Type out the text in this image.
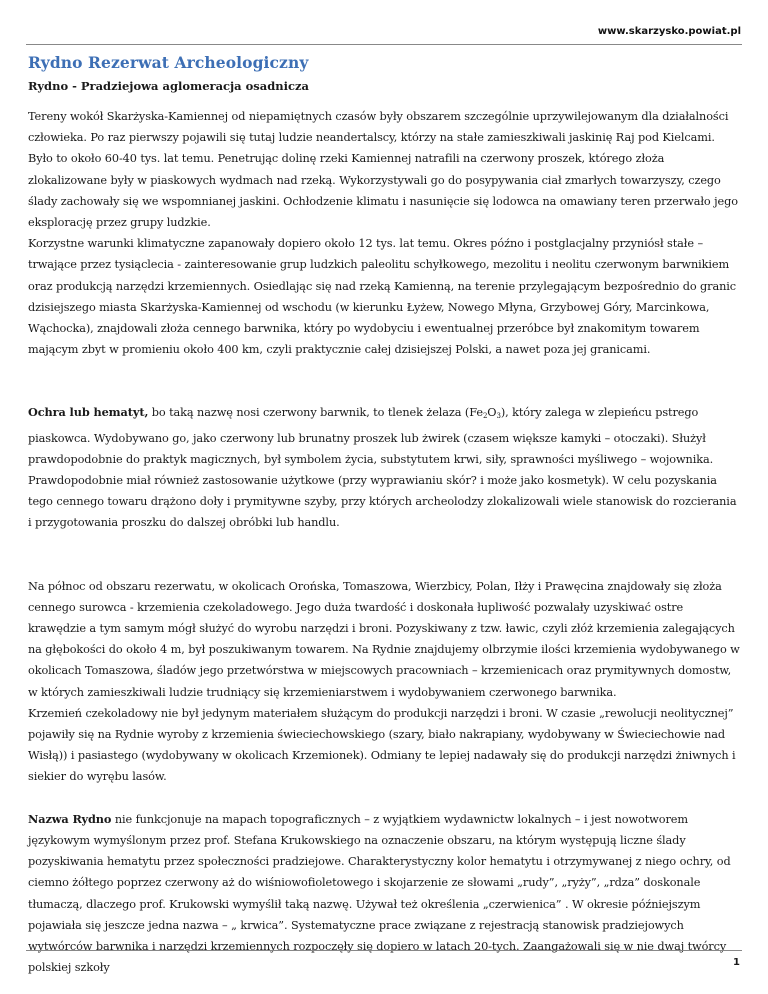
www.skarzysko.powiat.pl
Rydno Rezerwat Archeologiczny
Rydno - Pradziejowa aglomeracja osadnicza

Tereny wokół Skarżyska-Kamiennej od niepamiętnych czasów były obszarem szczególnie uprzywilejowanym dla działalności człowieka. Po raz pierwszy pojawili się tutaj ludzie neandertalscy, którzy na stałe zamieszkiwali jaskinię Raj pod Kielcami. Było to około 60-40 tys. lat temu. Penetrując dolinę rzeki Kamiennej natrafili na czerwony proszek, którego złoża zlokalizowane były w piaskowych wydmach nad rzeką. Wykorzystywali go do posypywania ciał zmarłych towarzyszy, czego ślady zachowały się we wspomnianej jaskini. Ochłodzenie klimatu i nasunięcie się lodowca na omawiany teren przerwało jego eksplorację przez grupy ludzkie.
Korzystne warunki klimatyczne zapanowały dopiero około 12 tys. lat temu. Okres późno i postglacjalny przyniósł stałe – trwające przez tysiąclecia - zainteresowanie grup ludzkich paleolitu schyłkowego, mezolitu i neolitu czerwonym barwnikiem oraz produkcją narzędzi krzemiennych. Osiedlając się nad rzeką Kamienną, na terenie przylegającym bezpośrednio do granic dzisiejszego miasta Skarżyska-Kamiennej od wschodu (w kierunku Łyżew, Nowego Młyna, Grzybowej Góry, Marcinkowa, Wąchocka), znajdowali złoża cennego barwnika, który po wydobyciu i ewentualnej przeróbce był znakomitym towarem mającym zbyt w promieniu około 400 km, czyli praktycznie całej dzisiejszej Polski, a nawet poza jej granicami.

Ochra lub hematyt, bo taką nazwę nosi czerwony barwnik, to tlenek żelaza $(Fe_2O_3)$, który zalega w zlepieńcu pstrego piaskowca. Wydobywano go, jako czerwony lub brunatny proszek lub żwirek (czasem większe kamyki – otoczaki). Służył prawdopodobnie do praktyk magicznych, był symbolem życia, substytutem krwi, siły, sprawności myśliwego – wojownika. Prawdopodobnie miał również zastosowanie użytkowe (przy wyprawianiu skór? i może jako kosmetyk). W celu pozyskania tego cennego towaru drążono doły i prymitywne szyby, przy których archeolodzy zlokalizowali wiele stanowisk do rozcierania i przygotowania proszku do dalszej obróbki lub handlu.

Na północ od obszaru rezerwatu, w okolicach Orońska, Tomaszowa, Wierzbicy, Polan, Iłży i Prawęcina znajdowały się złoża cennego surowca - krzemienia czekoladowego. Jego duża twardość i doskonała łupliwość pozwalały uzyskiwać ostre krawędzie a tym samym mógł służyć do wyrobu narzędzi i broni. Pozyskiwany z tzw. ławic, czyli złóż krzemienia zalegających na głębokości do około 4 m, był poszukiwanym towarem. Na Rydnie znajdujemy olbrzymie ilości krzemienia wydobywanego w okolicach Tomaszowa, śladów jego przetwórstwa w miejscowych pracowniach – krzemienicach oraz prymitywnych domostw, w których zamieszkiwali ludzie trudniący się krzemieniarstwem i wydobywaniem czerwonego barwnika.

Krzemień czekoladowy nie był jedynym materiałem służącym do produkcji narzędzi i broni. W czasie „rewolucji neolitycznej” pojawiły się na Rydnie wyroby z krzemienia świeciechowskiego (szary, biało nakrapiany, wydobywany w Świeciechowie nad Wisłą)) i pasiastego (wydobywany w okolicach Krzemionek). Odmiany te lepiej nadawały się do produkcji narzędzi żniwnych i siekier do wyrębu lasów.

Nazwa Rydno nie funkcjonuje na mapach topograficznych – z wyjątkiem wydawnictw lokalnych – i jest nowotworem językowym wymyślonym przez prof. Stefana Krukowskiego na oznaczenie obszaru, na którym występują liczne ślady pozyskiwania hematytu przez społeczności pradziejowe. Charakterystyczny kolor hematytu i otrzymywanej z niego ochry, od ciemno żółtego poprzez czerwony aż do wiśniowofioletowego i skojarzenie ze słowami „rudy”, „ryży”, „rdza” doskonale tłumaczą, dlaczego prof. Krukowski wymyślił taką nazwę. Używał też określenia „czerwienica” . W okresie późniejszym pojawiała się jeszcze jedna nazwa – „ krwica”. Systematyczne prace związane z rejestracją stanowisk pradziejowych wytwórców barwnika i narzędzi krzemiennych rozpoczęły się dopiero w latach 20-tych. Zaangażowali się w nie dwaj twórcy polskiej szkoły	1
